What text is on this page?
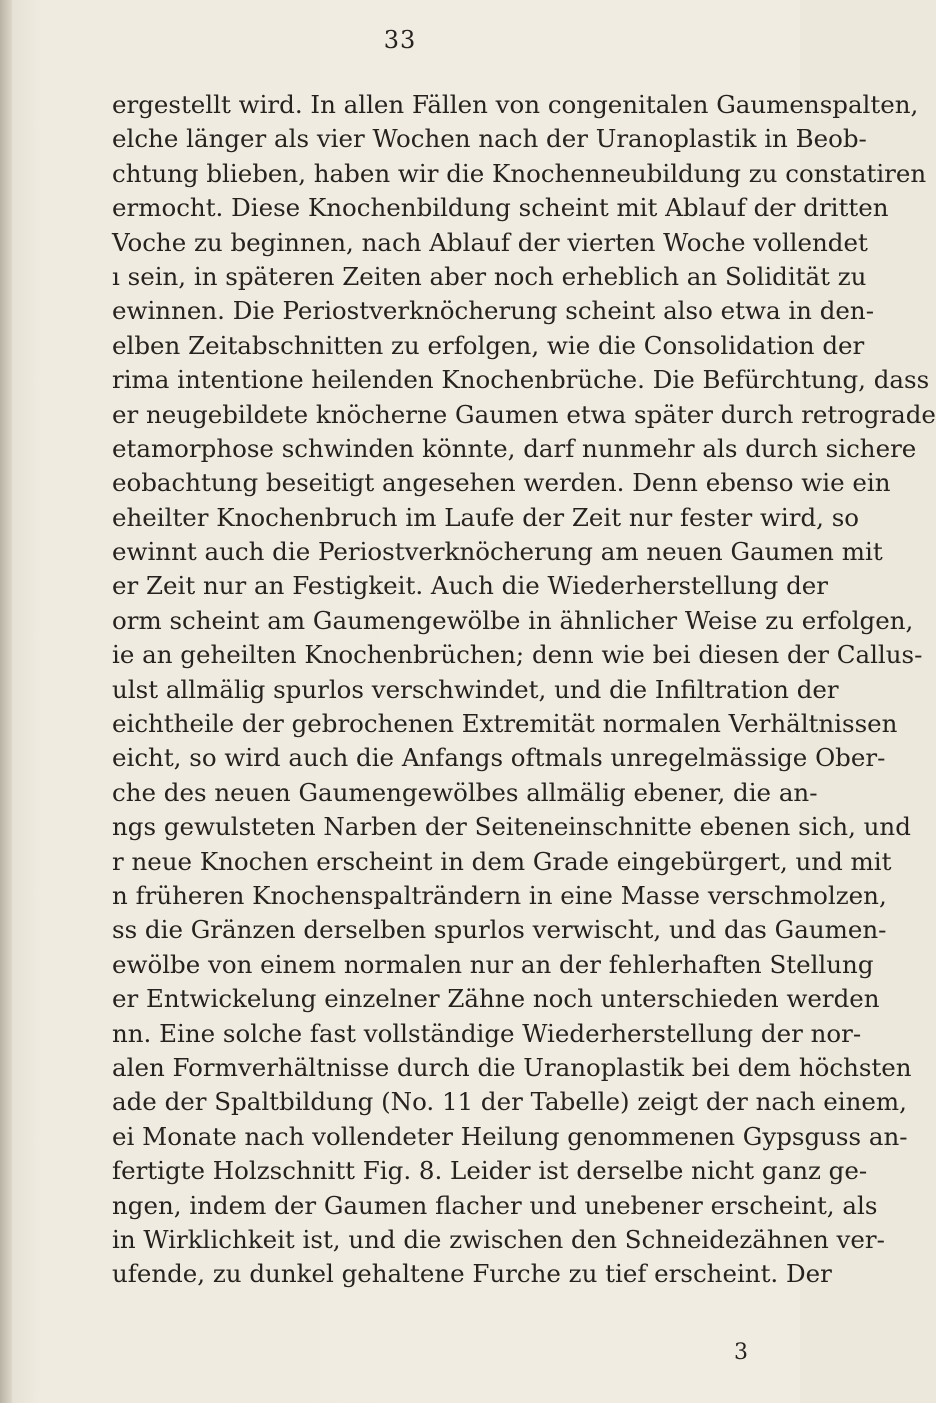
33
ergestellt wird. In allen Fällen von congenitalen Gaumenspalten,
elche länger als vier Wochen nach der Uranoplastik in Beob-
chtung blieben, haben wir die Knochenneubildung zu constatiren
ermocht. Diese Knochenbildung scheint mit Ablauf der dritten
Voche zu beginnen, nach Ablauf der vierten Woche vollendet
ı sein, in späteren Zeiten aber noch erheblich an Solidität zu
ewinnen. Die Periostverknöcherung scheint also etwa in den-
elben Zeitabschnitten zu erfolgen, wie die Consolidation der
rima intentione heilenden Knochenbrüche. Die Befürchtung, dass
er neugebildete knöcherne Gaumen etwa später durch retrograde
etamorphose schwinden könnte, darf nunmehr als durch sichere
eobachtung beseitigt angesehen werden. Denn ebenso wie ein
eheilter Knochenbruch im Laufe der Zeit nur fester wird, so
ewinnt auch die Periostverknöcherung am neuen Gaumen mit
er Zeit nur an Festigkeit. Auch die Wiederherstellung der
orm scheint am Gaumengewölbe in ähnlicher Weise zu erfolgen,
ie an geheilten Knochenbrüchen; denn wie bei diesen der Callus-
ulst allmälig spurlos verschwindet, und die Infiltration der
eichtheile der gebrochenen Extremität normalen Verhältnissen
eicht, so wird auch die Anfangs oftmals unregelmässige Ober-
che des neuen Gaumengewölbes allmälig ebener, die an-
ngs gewulsteten Narben der Seiteneinschnitte ebenen sich, und
r neue Knochen erscheint in dem Grade eingebürgert, und mit
n früheren Knochenspalträndern in eine Masse verschmolzen,
ss die Gränzen derselben spurlos verwischt, und das Gaumen-
ewölbe von einem normalen nur an der fehlerhaften Stellung
er Entwickelung einzelner Zähne noch unterschieden werden
nn. Eine solche fast vollständige Wiederherstellung der nor-
alen Formverhältnisse durch die Uranoplastik bei dem höchsten
ade der Spaltbildung (No. 11 der Tabelle) zeigt der nach einem,
ei Monate nach vollendeter Heilung genommenen Gypsguss an-
fertigte Holzschnitt Fig. 8. Leider ist derselbe nicht ganz ge-
ngen, indem der Gaumen flacher und unebener erscheint, als
in Wirklichkeit ist, und die zwischen den Schneidezähnen ver-
ufende, zu dunkel gehaltene Furche zu tief erscheint. Der
3
